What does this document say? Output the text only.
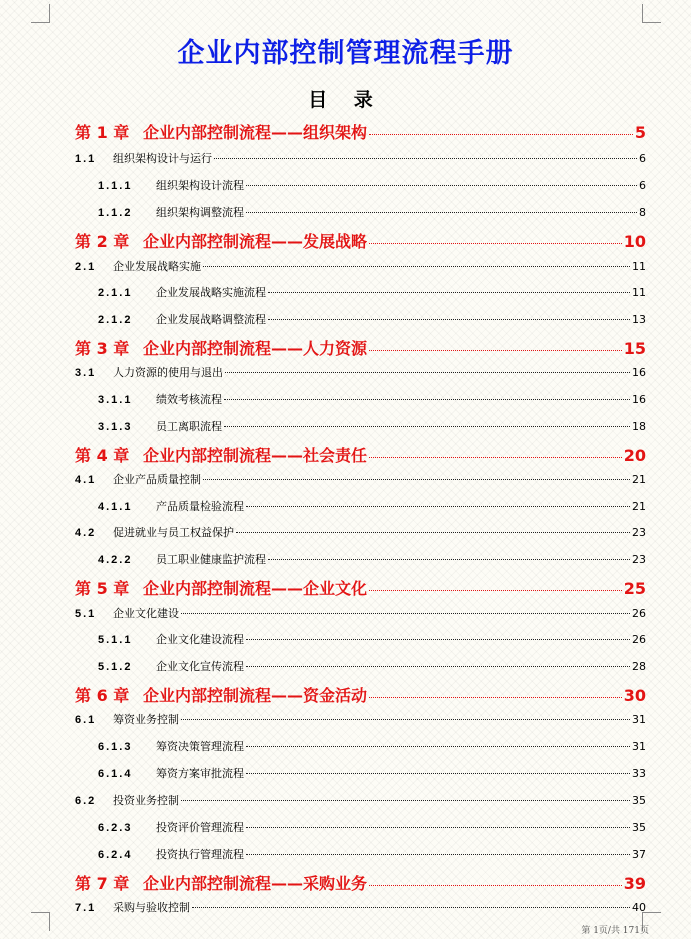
企业内部控制管理流程手册
目 录
第 1 章 企业内部控制流程——组织架构	5
1.1	组织架构设计与运行	6
1.1.1	组织架构设计流程	6
1.1.2	组织架构调整流程	8
第 2 章 企业内部控制流程——发展战略	10
2.1	企业发展战略实施	11
2.1.1	企业发展战略实施流程	11
2.1.2	企业发展战略调整流程	13
第 3 章 企业内部控制流程——人力资源	15
3.1	人力资源的使用与退出	16
3.1.1	绩效考核流程	16
3.1.3	员工离职流程	18
第 4 章 企业内部控制流程——社会责任	20
4.1	企业产品质量控制	21
4.1.1	产品质量检验流程	21
4.2	促进就业与员工权益保护	23
4.2.2	员工职业健康监护流程	23
第 5 章 企业内部控制流程——企业文化	25
5.1	企业文化建设	26
5.1.1	企业文化建设流程	26
5.1.2	企业文化宣传流程	28
第 6 章 企业内部控制流程——资金活动	30
6.1	筹资业务控制	31
6.1.3	筹资决策管理流程	31
6.1.4	筹资方案审批流程	33
6.2	投资业务控制	35
6.2.3	投资评价管理流程	35
6.2.4	投资执行管理流程	37
第 7 章 企业内部控制流程——采购业务	39
7.1	采购与验收控制	40
第 1页/共 171页
